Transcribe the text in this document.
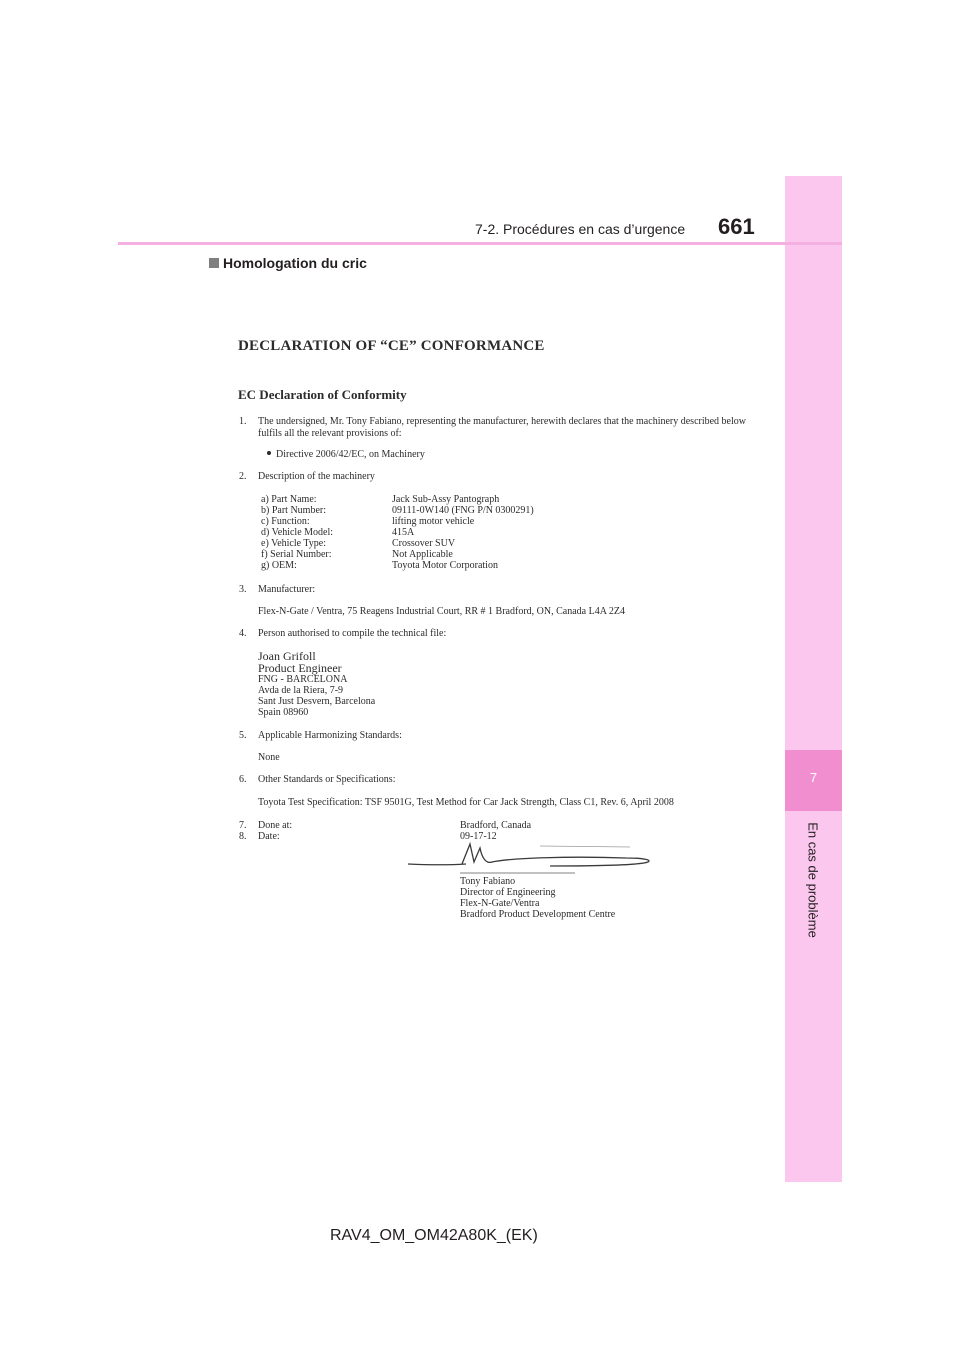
7
En cas de problème
7-2. Procédures en cas d’urgence 661
Homologation du cric
DECLARATION OF “CE” CONFORMANCE
EC Declaration of Conformity
1. The undersigned, Mr. Tony Fabiano, representing the manufacturer, herewith declares that the machinery described below
fulfils all the relevant provisions of:
Directive 2006/42/EC, on Machinery
2. Description of the machinery
a) Part Name:	Jack Sub-Assy Pantograph
b) Part Number:	09111-0W140 (FNG P/N 0300291)
c) Function:	lifting motor vehicle
d) Vehicle Model:	415A
e) Vehicle Type:	Crossover SUV
f) Serial Number:	Not Applicable
g) OEM:	Toyota Motor Corporation
3. Manufacturer:
Flex-N-Gate / Ventra, 75 Reagens Industrial Court, RR # 1 Bradford, ON, Canada L4A 2Z4
4. Person authorised to compile the technical file:
Joan Grifoll
Product Engineer
FNG - BARCELONA
Avda de la Riera, 7-9
Sant Just Desvern, Barcelona
Spain 08960
5. Applicable Harmonizing Standards:
None
6. Other Standards or Specifications:
Toyota Test Specification: TSF 9501G, Test Method for Car Jack Strength, Class C1, Rev. 6, April 2008
7. Done at:	Bradford, Canada
8. Date:	09-17-12
Tony Fabiano
Director of Engineering
Flex-N-Gate/Ventra
Bradford Product Development Centre
RAV4_OM_OM42A80K_(EK)
